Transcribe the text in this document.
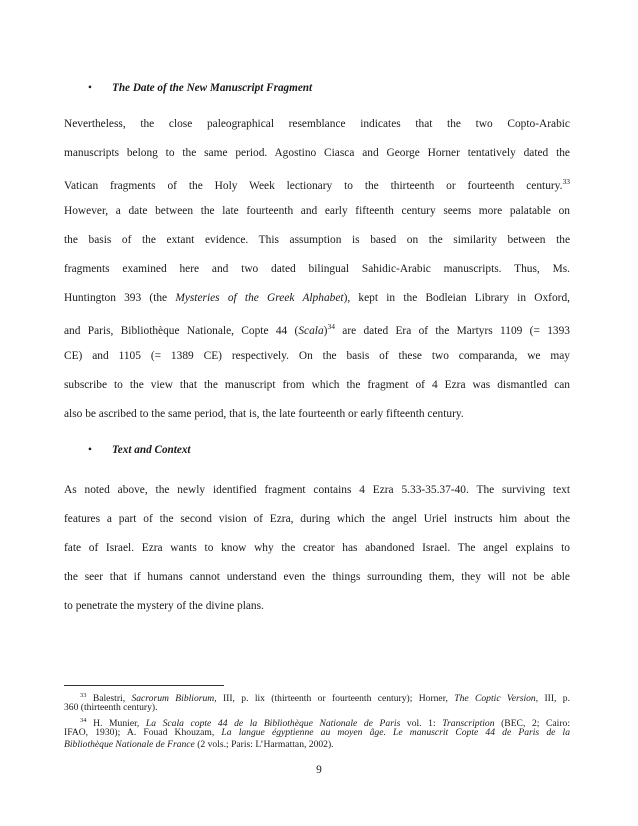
• The Date of the New Manuscript Fragment
Nevertheless, the close paleographical resemblance indicates that the two Copto-Arabic
manuscripts belong to the same period. Agostino Ciasca and George Horner tentatively dated the
Vatican fragments of the Holy Week lectionary to the thirteenth or fourteenth century.$^{33}$
However, a date between the late fourteenth and early fifteenth century seems more palatable on
the basis of the extant evidence. This assumption is based on the similarity between the
fragments examined here and two dated bilingual Sahidic-Arabic manuscripts. Thus, Ms.
Huntington 393 (the Mysteries of the Greek Alphabet), kept in the Bodleian Library in Oxford,
and Paris, Bibliothèque Nationale, Copte 44 (Scala)$^{34}$ are dated Era of the Martyrs 1109 (= 1393
CE) and 1105 (= 1389 CE) respectively. On the basis of these two comparanda, we may
subscribe to the view that the manuscript from which the fragment of 4 Ezra was dismantled can
also be ascribed to the same period, that is, the late fourteenth or early fifteenth century.
• Text and Context
As noted above, the newly identified fragment contains 4 Ezra 5.33-35.37-40. The surviving text
features a part of the second vision of Ezra, during which the angel Uriel instructs him about the
fate of Israel. Ezra wants to know why the creator has abandoned Israel. The angel explains to
the seer that if humans cannot understand even the things surrounding them, they will not be able
to penetrate the mystery of the divine plans.
$^{33}$ Balestri, Sacrorum Bibliorum, III, p. lix (thirteenth or fourteenth century); Horner, The Coptic Version, III, p.
360 (thirteenth century).
$^{34}$ H. Munier, La Scala copte 44 de la Bibliothèque Nationale de Paris vol. 1: Transcription (BEC, 2; Cairo:
IFAO, 1930); A. Fouad Khouzam, La langue égyptienne au moyen âge. Le manuscrit Copte 44 de Paris de la
Bibliothèque Nationale de France (2 vols.; Paris: L’Harmattan, 2002).
9
